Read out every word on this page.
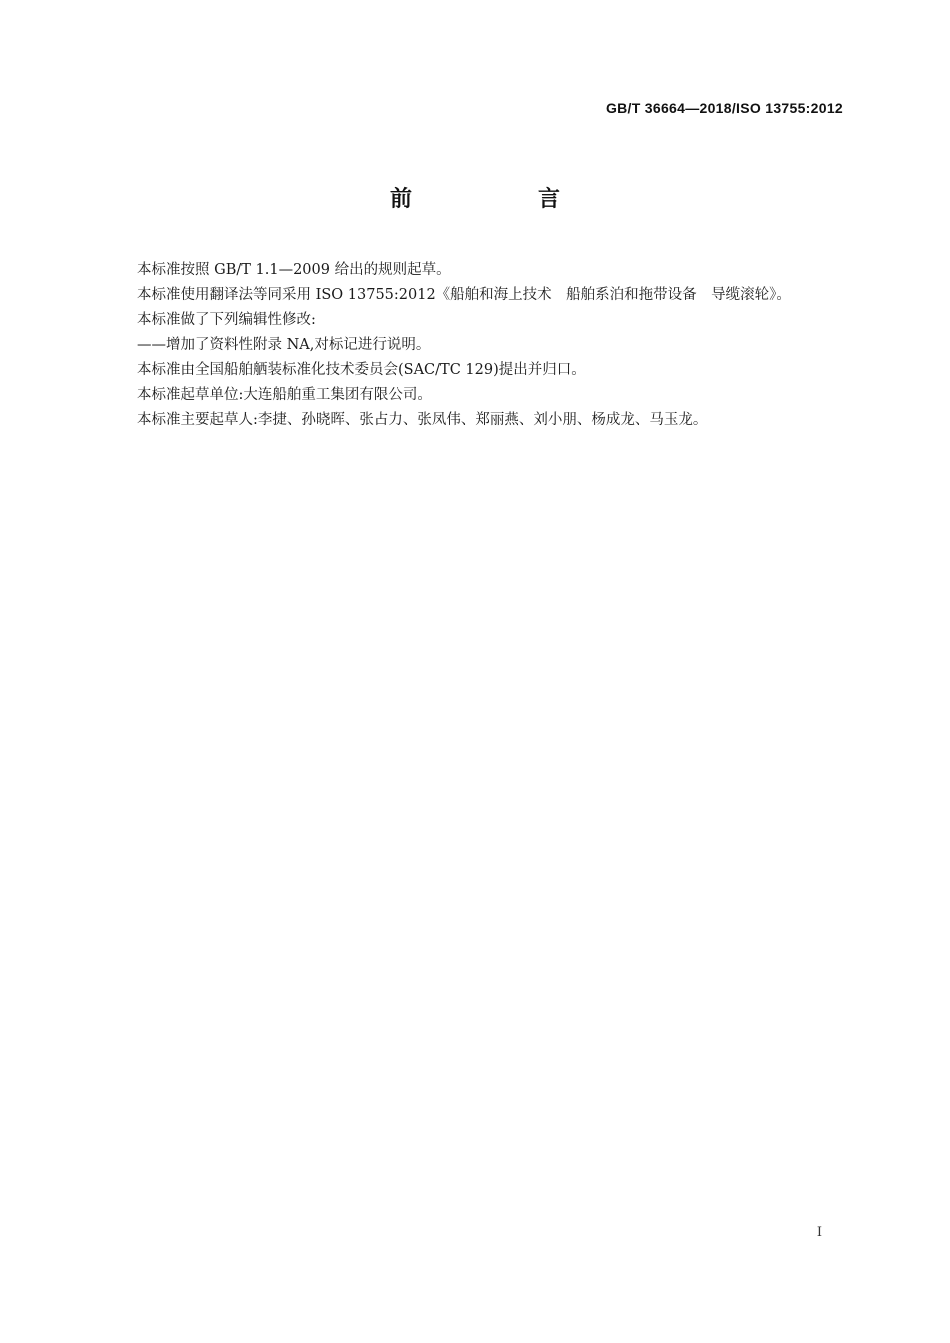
GB/T 36664—2018/ISO 13755:2012
前　言

本标准按照 GB/T 1.1—2009 给出的规则起草。

本标准使用翻译法等同采用 ISO 13755:2012《船舶和海上技术　船舶系泊和拖带设备　导缆滚轮》。

本标准做了下列编辑性修改:

——增加了资料性附录 NA,对标记进行说明。

本标准由全国船舶舾装标准化技术委员会(SAC/TC 129)提出并归口。

本标准起草单位:大连船舶重工集团有限公司。

本标准主要起草人:李捷、孙晓晖、张占力、张凤伟、郑丽燕、刘小朋、杨成龙、马玉龙。

I
